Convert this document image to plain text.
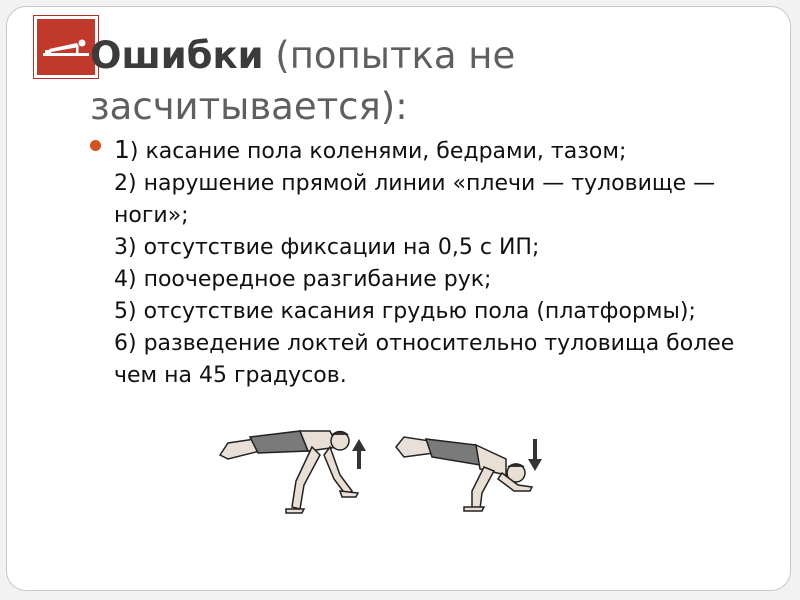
Ошибки (попытка не засчитывается):
1) касание пола коленями, бедрами, тазом;
2) нарушение прямой линии «плечи — туловище — ноги»;
3) отсутствие фиксации на 0,5 с ИП;
4) поочередное разгибание рук;
5) отсутствие касания грудью пола (платформы);
6) разведение локтей относительно туловища более чем на 45 градусов.
